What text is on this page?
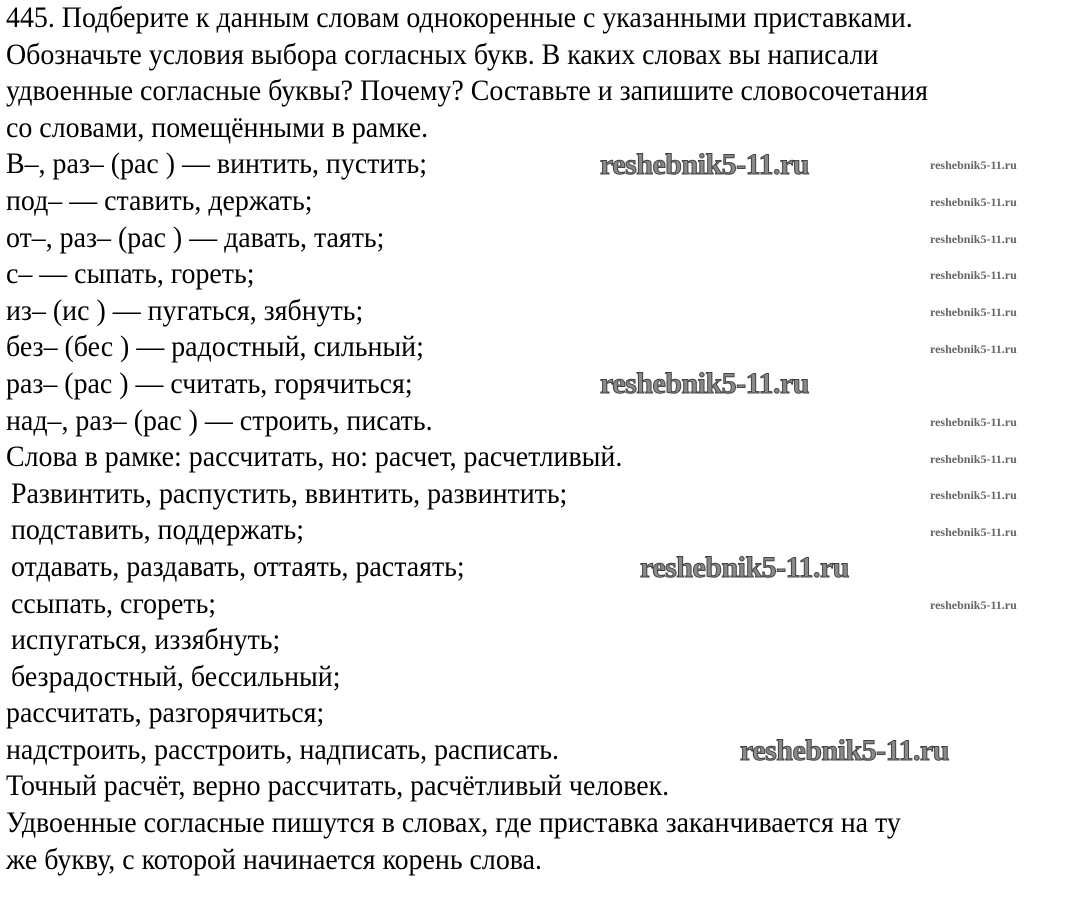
445. Подберите к данным словам однокоренные с указанными приставками.
Обозначьте условия выбора согласных букв. В каких словах вы написали
удвоенные согласные буквы? Почему? Составьте и запишите словосочетания
со словами, помещёнными в рамке.
В–, раз– (рас ) — винтить, пустить;
под– — ставить, держать;
от–, раз– (рас ) — давать, таять;
с– — сыпать, гореть;
из– (ис ) — пугаться, зябнуть;
без– (бес ) — радостный, сильный;
раз– (рас ) — считать, горячиться;
над–, раз– (рас ) — строить, писать.
Слова в рамке: рассчитать, но: расчет, расчетливый.
Развинтить, распустить, ввинтить, развинтить;
подставить, поддержать;
отдавать, раздавать, оттаять, растаять;
ссыпать, сгореть;
испугаться, иззябнуть;
безрадостный, бессильный;
рассчитать, разгорячиться;
надстроить, расстроить, надписать, расписать.
Точный расчёт, верно рассчитать, расчётливый человек.
Удвоенные согласные пишутся в словах, где приставка заканчивается на ту
же букву, с которой начинается корень слова.
reshebnik5-11.ru
reshebnik5-11.ru
reshebnik5-11.ru
reshebnik5-11.ru
reshebnik5-11.ru
reshebnik5-11.ru
reshebnik5-11.ru
reshebnik5-11.ru
reshebnik5-11.ru
reshebnik5-11.ru
reshebnik5-11.ru
reshebnik5-11.ru
reshebnik5-11.ru
reshebnik5-11.ru
reshebnik5-11.ru
